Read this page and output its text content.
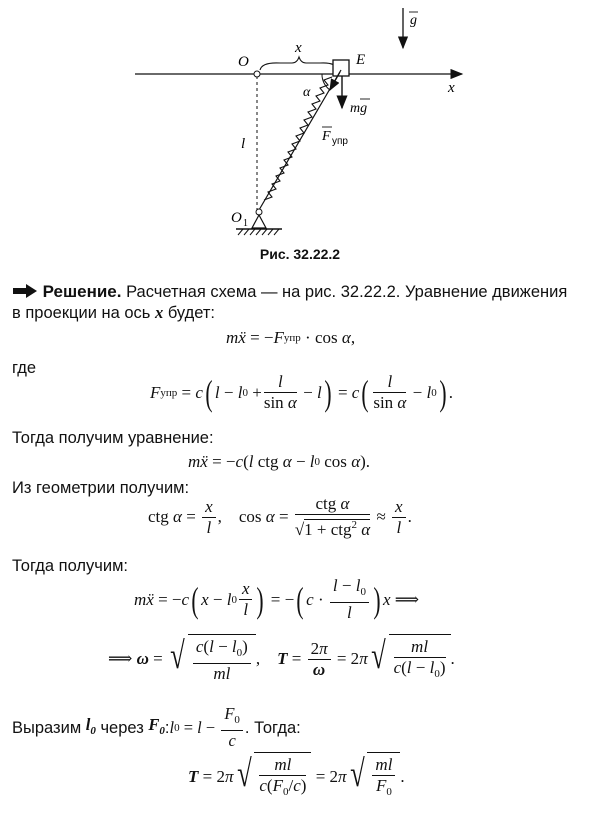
g
O
x
E
x
α
mg
F упр
l
O 1
Рис. 32.22.2
Решение. Расчетная схема — на рис. 32.22.2. Уравнение движения
в проекции на ось x будет:
m ẍ = − F упр · cos α ,
где
F упр = c ( l − l $0 + \frac{l}{\text{sin α}} - l$ ) = c ( $\frac{l}{\text{sin α}} - l$ 0 ) .
Тогда получим уравнение:
m ẍ = − c ( l ctg α − l 0 cos α ).
Из геометрии получим:
ctg $\alpha = \frac{x}{l}$ ,    $\cos \alpha = \frac{\text{ctg α}}{√1 + ctg^2 \alpha} \approx \frac{x}{l}$ .
Тогда получим:
m ẍ = − c ( x − l $0 \frac{x}{l}$ ) = − ( $c \cdot \frac{l - l_0}{l}$ ) x ⟹
⟹ ω = √ $\frac{c(l - l_0)}{ml}$ , $T = \frac{2\pi}{\omega} = 2$ π √ $\frac{ml}{c(l - l_0)}$ .
Выразим
$l_0$
через
$F_0$ : l $0 = l - \frac{F_0}{c}$ . Тогда:
T = 2 π √ $\frac{ml}{c(F_0/c)} = 2$ π √ $\frac{ml}{F_0}$ .
